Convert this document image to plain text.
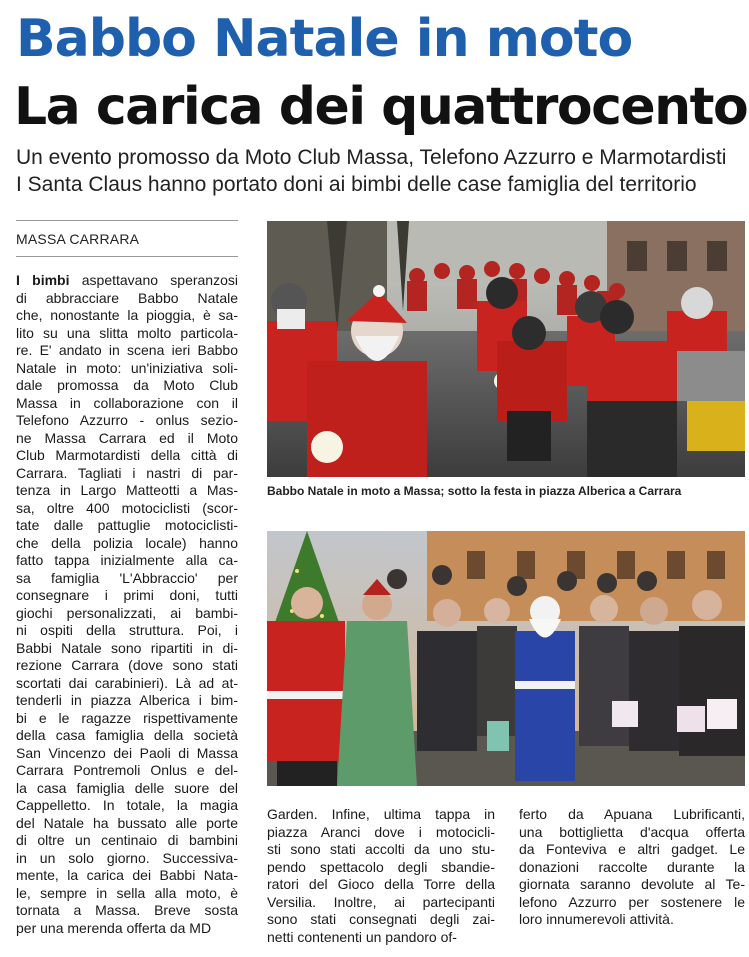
Babbo Natale in moto
La carica dei quattrocento
Un evento promosso da Moto Club Massa, Telefono Azzurro e Marmotardisti
I Santa Claus hanno portato doni ai bimbi delle case famiglia del territorio
MASSA CARRARA
I bimbi aspettavano speranzosi
di abbracciare Babbo Natale
che, nonostante la pioggia, è sa-
lito su una slitta molto particola-
re. E' andato in scena ieri Babbo
Natale in moto: un'iniziativa soli-
dale promossa da Moto Club
Massa in collaborazione con il
Telefono Azzurro - onlus sezio-
ne Massa Carrara ed il Moto
Club Marmotardisti della città di
Carrara. Tagliati i nastri di par-
tenza in Largo Matteotti a Mas-
sa, oltre 400 motociclisti (scor-
tate dalle pattuglie motociclisti-
che della polizia locale) hanno
fatto tappa inizialmente alla ca-
sa famiglia 'L'Abbraccio' per
consegnare i primi doni, tutti
giochi personalizzati, ai bambi-
ni ospiti della struttura. Poi, i
Babbi Natale sono ripartiti in di-
rezione Carrara (dove sono stati
scortati dai carabinieri). Là ad at-
tenderli in piazza Alberica i bim-
bi e le ragazze rispettivamente
della casa famiglia della società
San Vincenzo dei Paoli di Massa
Carrara Pontremoli Onlus e del-
la casa famiglia delle suore del
Cappelletto. In totale, la magia
del Natale ha bussato alle porte
di oltre un centinaio di bambini
in un solo giorno. Successiva-
mente, la carica dei Babbi Nata-
le, sempre in sella alla moto, è
tornata a Massa. Breve sosta
per una merenda offerta da MD
Babbo Natale in moto a Massa; sotto la festa in piazza Alberica a Carrara
Garden. Infine, ultima tappa in
piazza Aranci dove i motocicli-
sti sono stati accolti da uno stu-
pendo spettacolo degli sbandie-
ratori del Gioco della Torre della
Versilia. Inoltre, ai partecipanti
sono stati consegnati degli zai-
netti contenenti un pandoro of-
ferto da Apuana Lubrificanti,
una bottiglietta d'acqua offerta
da Fonteviva e altri gadget. Le
donazioni raccolte durante la
giornata saranno devolute al Te-
lefono Azzurro per sostenere le
loro innumerevoli attività.
